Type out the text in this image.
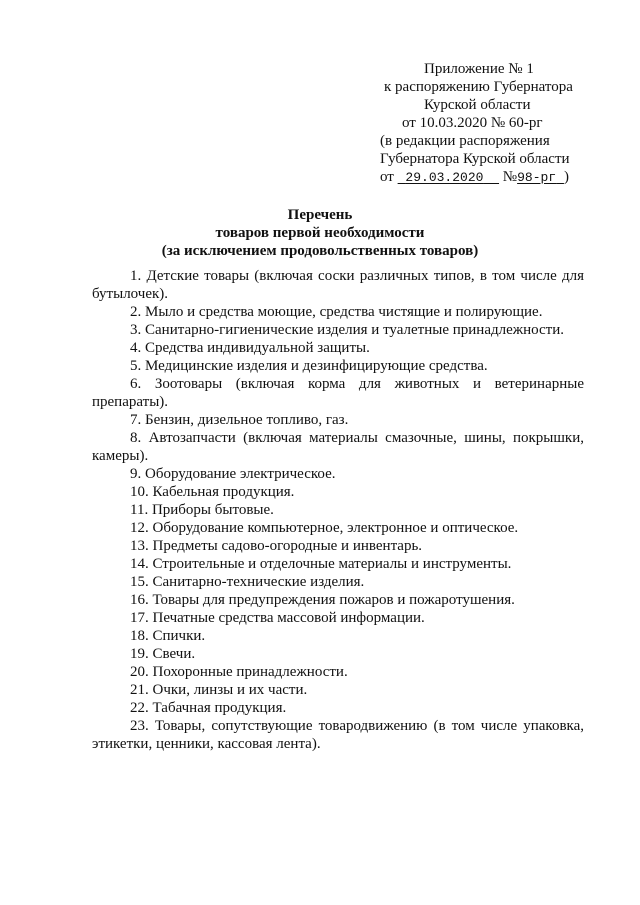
Приложение № 1
к распоряжению Губернатора
Курской области
от 10.03.2020 № 60-рг
(в редакции распоряжения
Губернатора Курской области
от 29.03.2020 №98-рг )
Перечень
товаров первой необходимости
(за исключением продовольственных товаров)

1. Детские товары (включая соски различных типов, в том числе для бутылочек).

2. Мыло и средства моющие, средства чистящие и полирующие.

3. Санитарно-гигиенические изделия и туалетные принадлежности.

4. Средства индивидуальной защиты.

5. Медицинские изделия и дезинфицирующие средства.

6. Зоотовары (включая корма для животных и ветеринарные препараты).

7. Бензин, дизельное топливо, газ.

8. Автозапчасти (включая материалы смазочные, шины, покрышки, камеры).

9. Оборудование электрическое.

10. Кабельная продукция.

11. Приборы бытовые.

12. Оборудование компьютерное, электронное и оптическое.

13. Предметы садово-огородные и инвентарь.

14. Строительные и отделочные материалы и инструменты.

15. Санитарно-технические изделия.

16. Товары для предупреждения пожаров и пожаротушения.

17. Печатные средства массовой информации.

18. Спички.

19. Свечи.

20. Похоронные принадлежности.

21. Очки, линзы и их части.

22. Табачная продукция.

23. Товары, сопутствующие товародвижению (в том числе упаковка, этикетки, ценники, кассовая лента).
